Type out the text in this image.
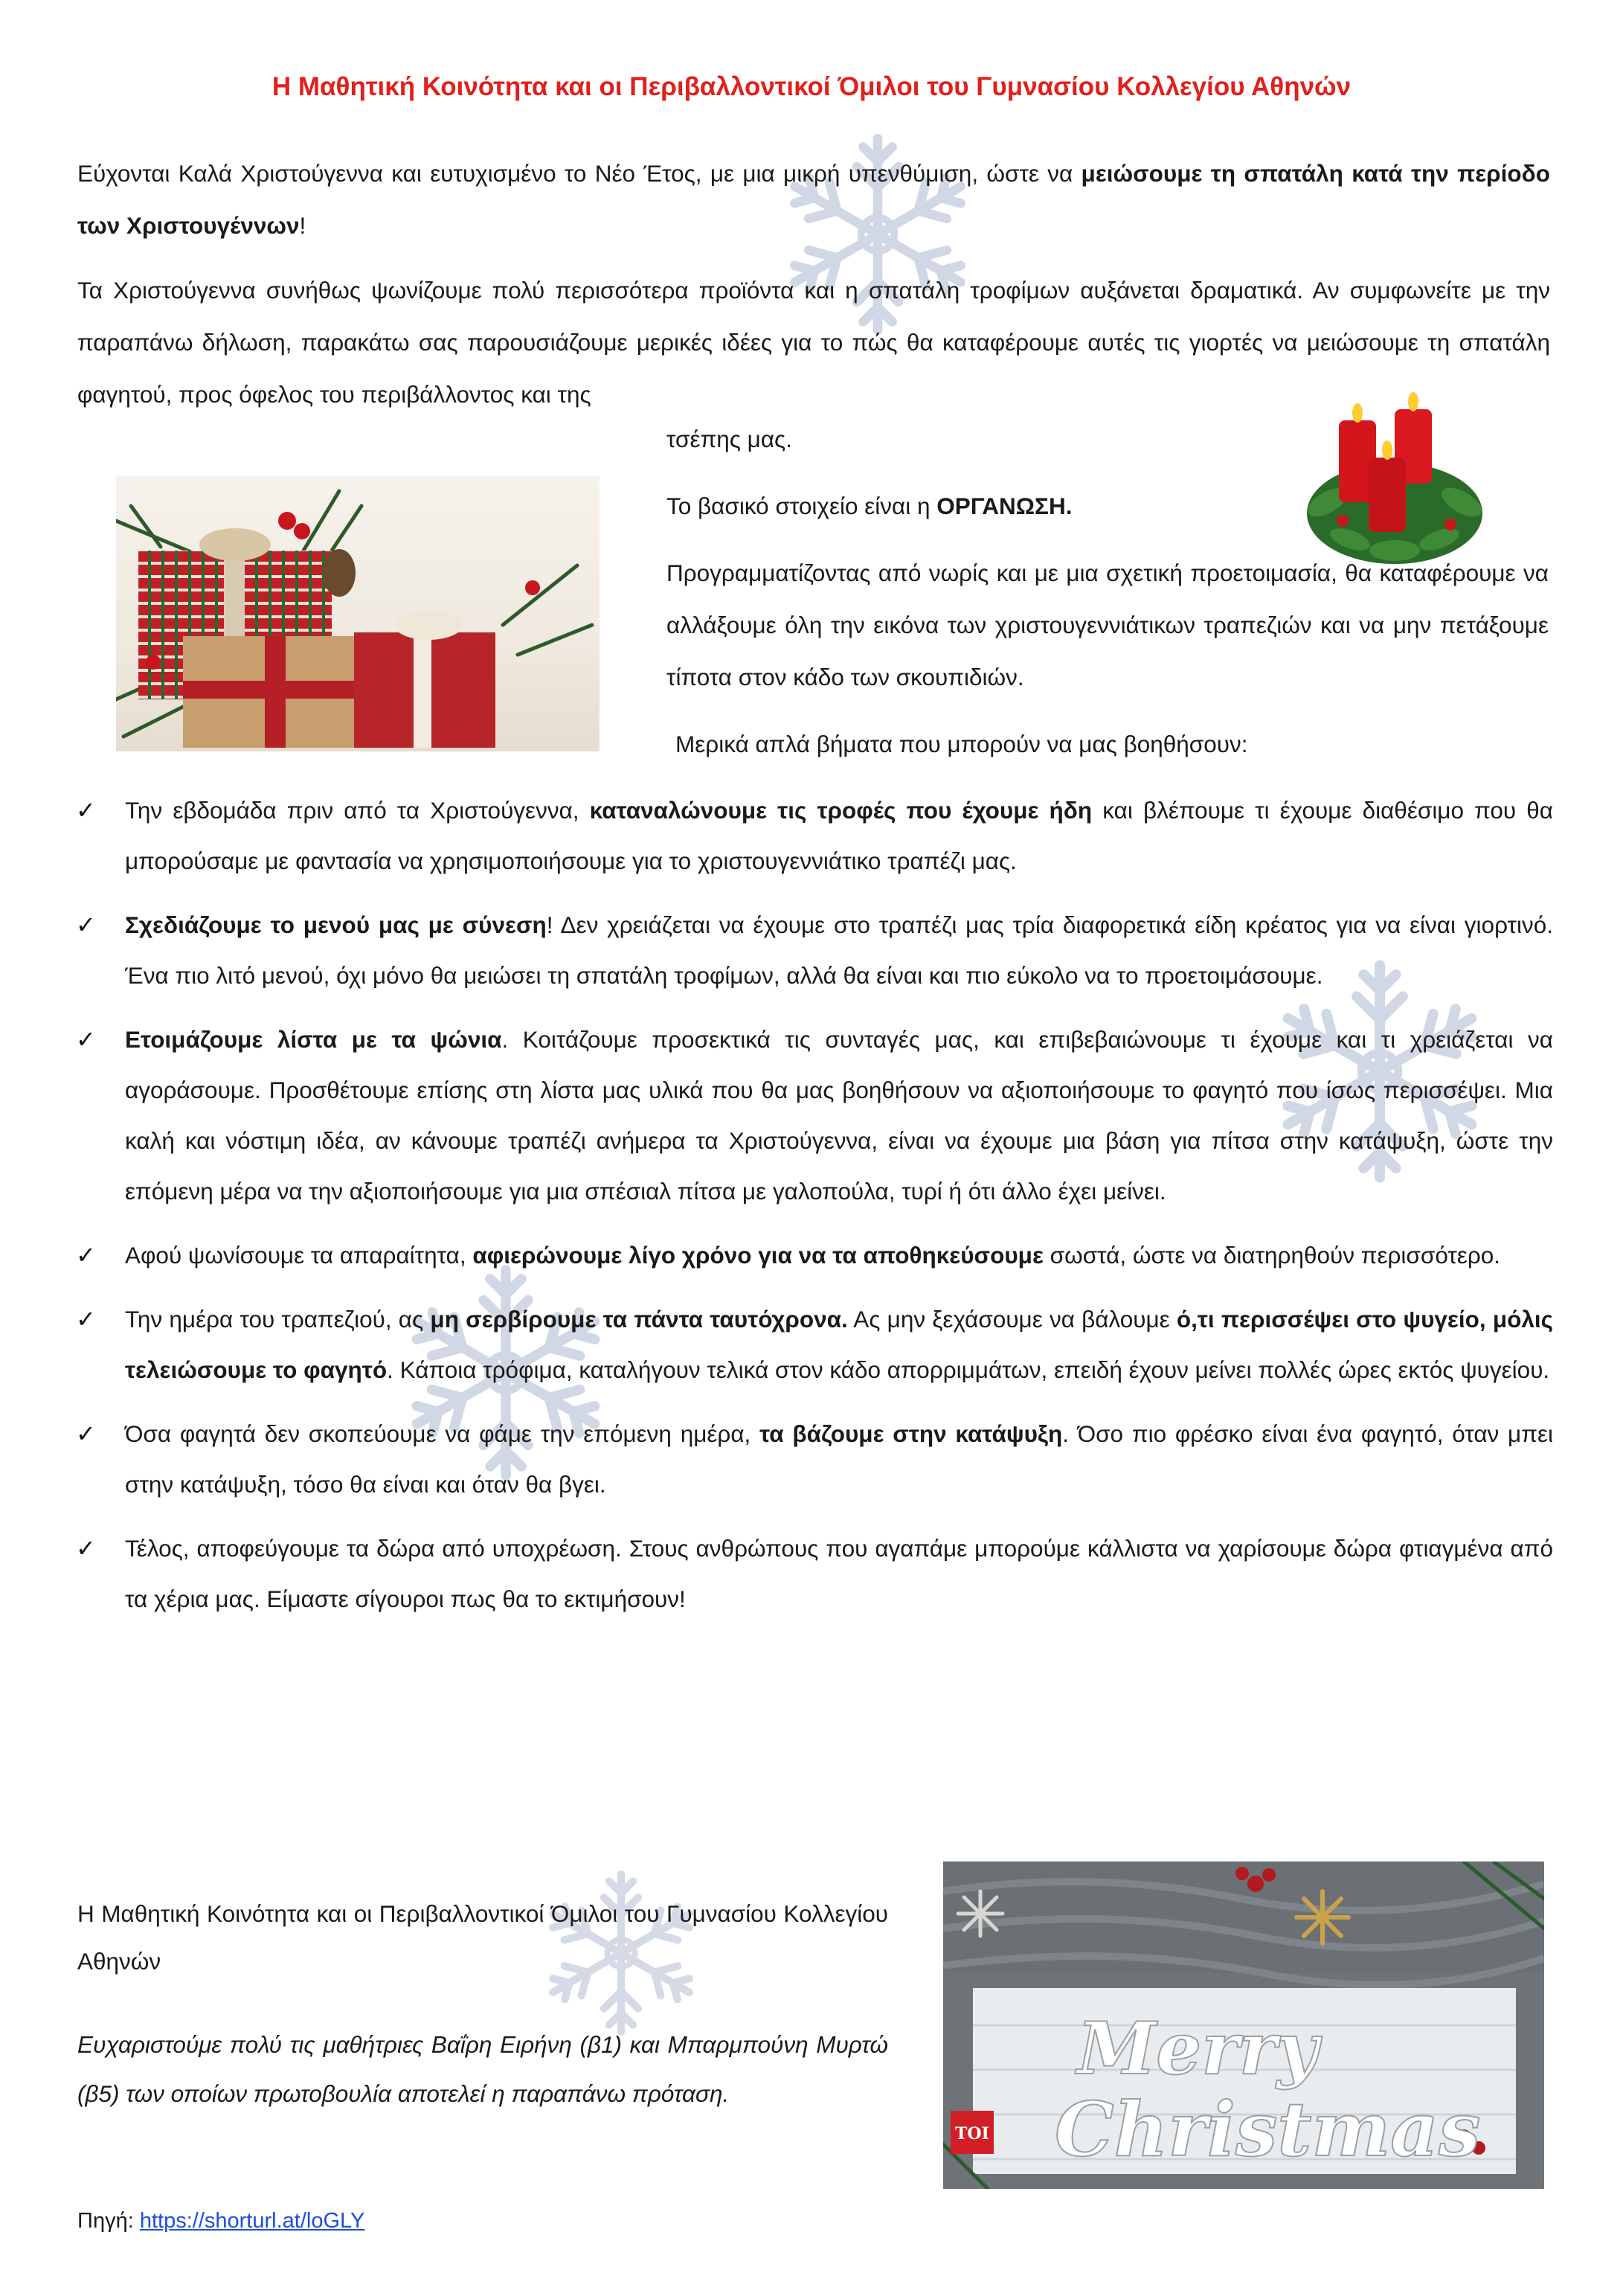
Η Μαθητική Κοινότητα και οι Περιβαλλοντικοί Όμιλοι του Γυμνασίου Κολλεγίου Αθηνών
Εύχονται Καλά Χριστούγεννα και ευτυχισμένο το Νέο Έτος, με μια μικρή υπενθύμιση, ώστε να μειώσουμε τη σπατάλη κατά την περίοδο των Χριστουγέννων!
Τα Χριστούγεννα συνήθως ψωνίζουμε πολύ περισσότερα προϊόντα και η σπατάλη τροφίμων αυξάνεται δραματικά. Αν συμφωνείτε με την παραπάνω δήλωση, παρακάτω σας παρουσιάζουμε μερικές ιδέες για το πώς θα καταφέρουμε αυτές τις γιορτές να μειώσουμε τη σπατάλη φαγητού, προς όφελος του περιβάλλοντος και της
τσέπης μας.
Το βασικό στοιχείο είναι η ΟΡΓΑΝΩΣΗ.
Προγραμματίζοντας από νωρίς και με μια σχετική προετοιμασία, θα καταφέρουμε να αλλάξουμε όλη την εικόνα των χριστουγεννιάτικων τραπεζιών και να μην πετάξουμε τίποτα στον κάδο των σκουπιδιών.
Μερικά απλά βήματα που μπορούν να μας βοηθήσουν:
✓ Την εβδομάδα πριν από τα Χριστούγεννα, καταναλώνουμε τις τροφές που έχουμε ήδη και βλέπουμε τι έχουμε διαθέσιμο που θα μπορούσαμε με φαντασία να χρησιμοποιήσουμε για το χριστουγεννιάτικο τραπέζι μας.
✓ Σχεδιάζουμε το μενού μας με σύνεση! Δεν χρειάζεται να έχουμε στο τραπέζι μας τρία διαφορετικά είδη κρέατος για να είναι γιορτινό. Ένα πιο λιτό μενού, όχι μόνο θα μειώσει τη σπατάλη τροφίμων, αλλά θα είναι και πιο εύκολο να το προετοιμάσουμε.
✓ Ετοιμάζουμε λίστα με τα ψώνια. Κοιτάζουμε προσεκτικά τις συνταγές μας, και επιβεβαιώνουμε τι έχουμε και τι χρειάζεται να αγοράσουμε. Προσθέτουμε επίσης στη λίστα μας υλικά που θα μας βοηθήσουν να αξιοποιήσουμε το φαγητό που ίσως περισσέψει. Μια καλή και νόστιμη ιδέα, αν κάνουμε τραπέζι ανήμερα τα Χριστούγεννα, είναι να έχουμε μια βάση για πίτσα στην κατάψυξη, ώστε την επόμενη μέρα να την αξιοποιήσουμε για μια σπέσιαλ πίτσα με γαλοπούλα, τυρί ή ότι άλλο έχει μείνει.
✓ Αφού ψωνίσουμε τα απαραίτητα, αφιερώνουμε λίγο χρόνο για να τα αποθηκεύσουμε σωστά, ώστε να διατηρηθούν περισσότερο.
✓ Την ημέρα του τραπεζιού, ας μη σερβίρουμε τα πάντα ταυτόχρονα. Ας μην ξεχάσουμε να βάλουμε ό,τι περισσέψει στο ψυγείο, μόλις τελειώσουμε το φαγητό. Κάποια τρόφιμα, καταλήγουν τελικά στον κάδο απορριμμάτων, επειδή έχουν μείνει πολλές ώρες εκτός ψυγείου.
✓ Όσα φαγητά δεν σκοπεύουμε να φάμε την επόμενη ημέρα, τα βάζουμε στην κατάψυξη. Όσο πιο φρέσκο είναι ένα φαγητό, όταν μπει στην κατάψυξη, τόσο θα είναι και όταν θα βγει.
✓ Τέλος, αποφεύγουμε τα δώρα από υποχρέωση. Στους ανθρώπους που αγαπάμε μπορούμε κάλλιστα να χαρίσουμε δώρα φτιαγμένα από τα χέρια μας. Είμαστε σίγουροι πως θα το εκτιμήσουν!
Η Μαθητική Κοινότητα και οι Περιβαλλοντικοί Όμιλοι του Γυμνασίου Κολλεγίου Αθηνών
Ευχαριστούμε πολύ τις μαθήτριες Βαΐρη Ειρήνη (β1) και Μπαρμπούνη Μυρτώ (β5) των οποίων πρωτοβουλία αποτελεί η παραπάνω πρόταση.
Πηγή: https://shorturl.at/loGLY
Merry
Christmas
TOI
